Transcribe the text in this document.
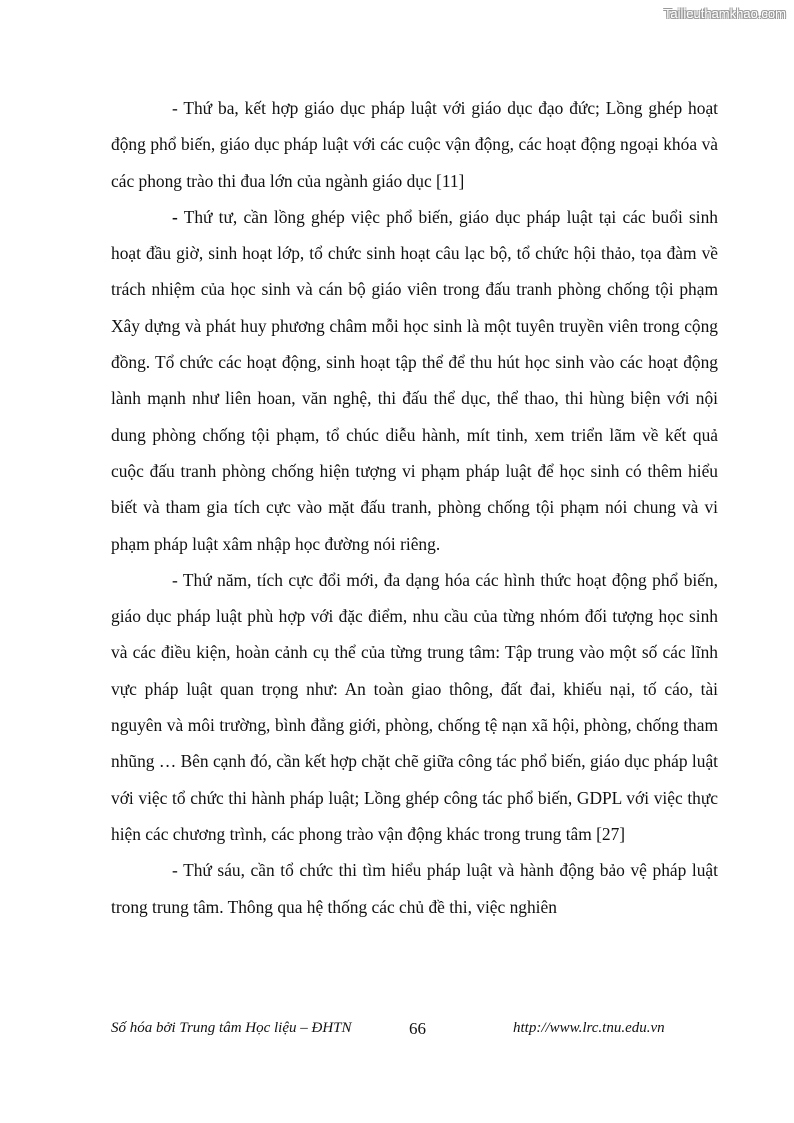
Tailieuthamkhao.com

- Thứ ba, kết hợp giáo dục pháp luật với giáo dục đạo đức; Lồng ghép hoạt động phổ biến, giáo dục pháp luật với các cuộc vận động, các hoạt động ngoại khóa và các phong trào thi đua lớn của ngành giáo dục [11]

- Thứ tư, cần lồng ghép việc phổ biến, giáo dục pháp luật tại các buổi sinh hoạt đầu giờ, sinh hoạt lớp, tổ chức sinh hoạt câu lạc bộ, tổ chức hội thảo, tọa đàm về trách nhiệm của học sinh và cán bộ giáo viên trong đấu tranh phòng chống tội phạm Xây dựng và phát huy phương châm mỗi học sinh là một tuyên truyền viên trong cộng đồng. Tổ chức các hoạt động, sinh hoạt tập thể để thu hút học sinh vào các hoạt động lành mạnh như liên hoan, văn nghệ, thi đấu thể dục, thể thao, thi hùng biện với nội dung phòng chống tội phạm, tổ chúc diễu hành, mít tinh, xem triển lãm về kết quả cuộc đấu tranh phòng chống hiện tượng vi phạm pháp luật để học sinh có thêm hiểu biết và tham gia tích cực vào mặt đấu tranh, phòng chống tội phạm nói chung và vi phạm pháp luật xâm nhập học đường nói riêng.

- Thứ năm, tích cực đổi mới, đa dạng hóa các hình thức hoạt động phổ biến, giáo dục pháp luật phù hợp với đặc điểm, nhu cầu của từng nhóm đối tượng học sinh và các điều kiện, hoàn cảnh cụ thể của từng trung tâm: Tập trung vào một số các lĩnh vực pháp luật quan trọng như: An toàn giao thông, đất đai, khiếu nại, tố cáo, tài nguyên và môi trường, bình đẳng giới, phòng, chống tệ nạn xã hội, phòng, chống tham nhũng … Bên cạnh đó, cần kết hợp chặt chẽ giữa công tác phổ biến, giáo dục pháp luật với việc tổ chức thi hành pháp luật; Lồng ghép công tác phổ biến, GDPL với việc thực hiện các chương trình, các phong trào vận động khác trong trung tâm [27]

- Thứ sáu, cần tổ chức thi tìm hiểu pháp luật và hành động bảo vệ pháp luật trong trung tâm. Thông qua hệ thống các chủ đề thi, việc nghiên

Số hóa bởi Trung tâm Học liệu – ĐHTN	66	http://www.lrc.tnu.edu.vn
